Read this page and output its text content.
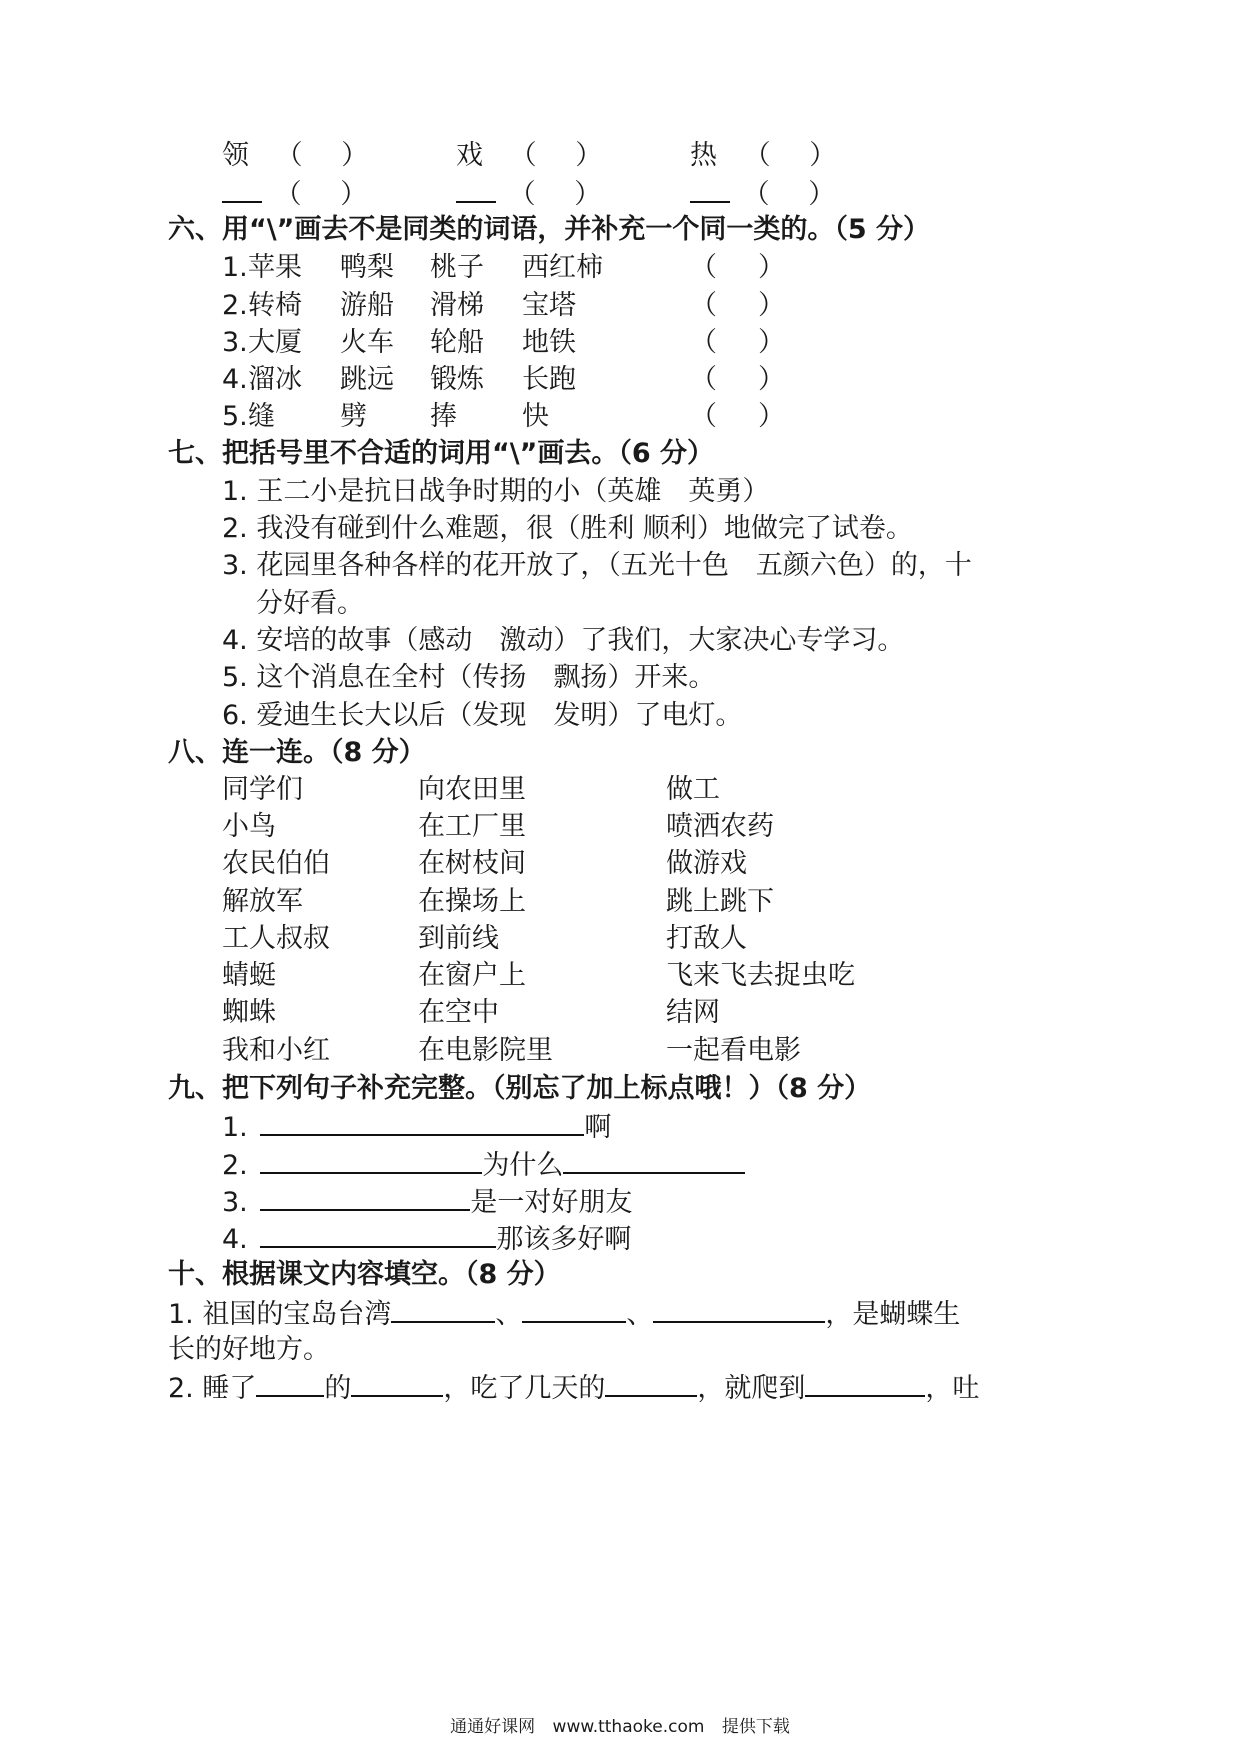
领 （ ）	戏 （ ）	热 （ ）
（ ）	（ ）	（ ）
六、用“\”画去不是同类的词语，并补充一个同一类的。（5 分）
1. 苹果 鸭梨 桃子 西红柿	（ ）
2. 转椅 游船 滑梯 宝塔	（ ）
3. 大厦 火车 轮船 地铁	（ ）
4. 溜冰 跳远 锻炼 长跑	（ ）
5. 缝 劈 捧 快	（ ）
七、把括号里不合适的词用“\”画去。（6 分）
1. 王二小是抗日战争时期的小（英雄　英勇）
2. 我没有碰到什么难题，很（胜利 顺利）地做完了试卷。
3. 花园里各种各样的花开放了，（五光十色　五颜六色）的，十
分好看。
4. 安培的故事（感动　激动）了我们，大家决心专学习。
5. 这个消息在全村（传扬　飘扬）开来。
6. 爱迪生长大以后（发现　发明）了电灯。
八、连一连。（8 分）
同学们	向农田里	做工
小鸟	在工厂里	喷洒农药
农民伯伯	在树枝间	做游戏
解放军	在操场上	跳上跳下
工人叔叔	到前线	打敌人
蜻蜓	在窗户上	飞来飞去捉虫吃
蜘蛛	在空中	结网
我和小红	在电影院里	一起看电影
九、把下列句子补充完整。（别忘了加上标点哦！）（8 分）
1.	啊
2.	为什么
3.	是一对好朋友
4.	那该多好啊
十、根据课文内容填空。（8 分）
1. 祖国的宝岛台湾	、	、	，是蝴蝶生
长的好地方。
2. 睡了	的	，吃了几天的	，就爬到	，吐
通通好课网 www.tthaoke.com 提供下载
